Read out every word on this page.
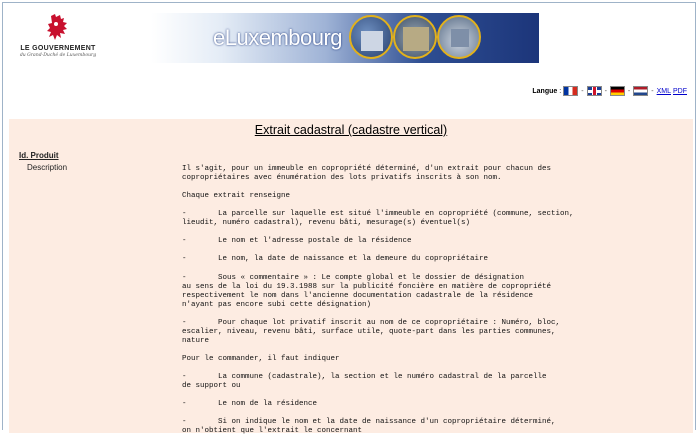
LE GOUVERNEMENT
du Grand-Duché de Luxembourg
eLuxembourg
Langue :	-	-	-	- XML PDF
Extrait cadastral (cadastre vertical)
Id. Produit
Description	Il s'agit, pour un immeuble en copropriété déterminé, d'un extrait pour chacun des
copropriétaires avec énumération des lots privatifs inscrits à son nom.

Chaque extrait renseigne

-       La parcelle sur laquelle est situé l'immeuble en copropriété (commune, section,
lieudit, numéro cadastral), revenu bâti, mesurage(s) éventuel(s)

-       Le nom et l'adresse postale de la résidence

-       Le nom, la date de naissance et la demeure du copropriétaire

-       Sous « commentaire » : Le compte global et le dossier de désignation
au sens de la loi du 19.3.1988 sur la publicité foncière en matière de copropriété
respectivement le nom dans l'ancienne documentation cadastrale de la résidence
n'ayant pas encore subi cette désignation)

-       Pour chaque lot privatif inscrit au nom de ce copropriétaire : Numéro, bloc,
escalier, niveau, revenu bâti, surface utile, quote-part dans les parties communes,
nature

Pour le commander, il faut indiquer

-       La commune (cadastrale), la section et le numéro cadastral de la parcelle
de support ou

-       Le nom de la résidence

-       Si on indique le nom et la date de naissance d'un copropriétaire déterminé,
on n'obtient que l'extrait le concernant
